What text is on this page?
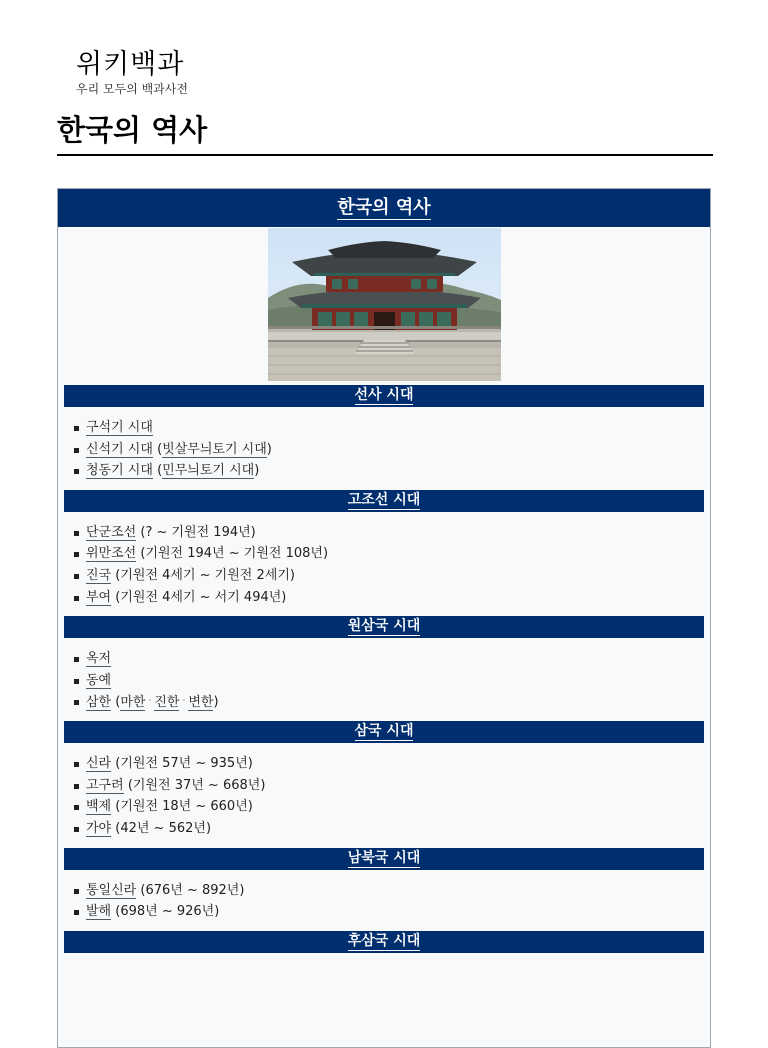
위키백과
우리 모두의 백과사전
한국의 역사
한국의 역사
선사 시대
구석기 시대
신석기 시대 (빗살무늬토기 시대)
청동기 시대 (민무늬토기 시대)
고조선 시대
단군조선 (? ~ 기원전 194년)
위만조선 (기원전 194년 ~ 기원전 108년)
진국 (기원전 4세기 ~ 기원전 2세기)
부여 (기원전 4세기 ~ 서기 494년)
원삼국 시대
옥저
동예
삼한 (마한 · 진한 · 변한)
삼국 시대
신라 (기원전 57년 ~ 935년)
고구려 (기원전 37년 ~ 668년)
백제 (기원전 18년 ~ 660년)
가야 (42년 ~ 562년)
남북국 시대
통일신라 (676년 ~ 892년)
발해 (698년 ~ 926년)
후삼국 시대
